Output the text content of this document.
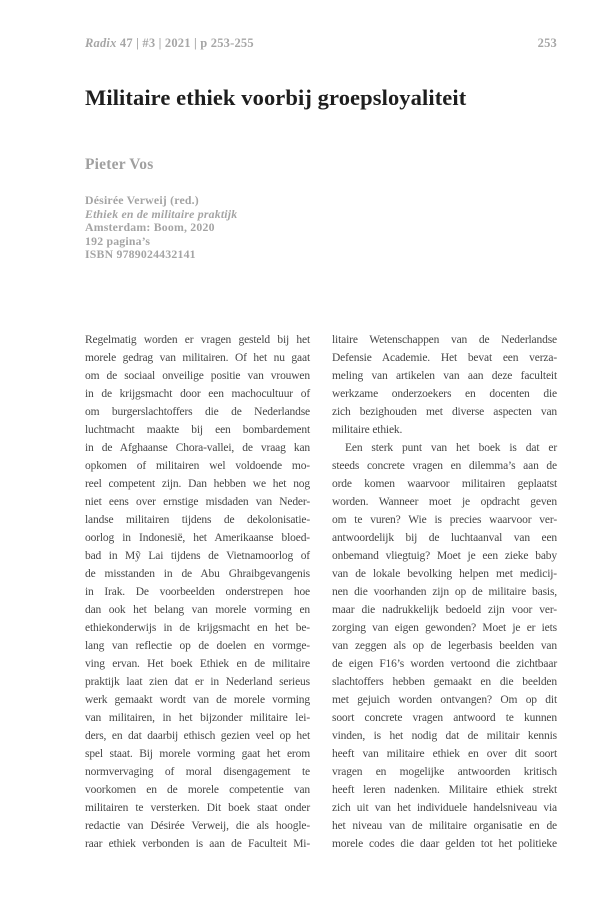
Radix 47 | #3 | 2021 | p 253-255	253
Militaire ethiek voorbij groepsloyaliteit
Pieter Vos
Désirée Verweij (red.)
Ethiek en de militaire praktijk
Amsterdam: Boom, 2020
192 pagina’s
ISBN 9789024432141
Regelmatig worden er vragen gesteld bij het
morele gedrag van militairen. Of het nu gaat
om de sociaal onveilige positie van vrouwen
in de krijgsmacht door een machocultuur of
om burgerslachtoffers die de Nederlandse
luchtmacht maakte bij een bombardement
in de Afghaanse Chora-vallei, de vraag kan
opkomen of militairen wel voldoende mo-
reel competent zijn. Dan hebben we het nog
niet eens over ernstige misdaden van Neder-
landse militairen tijdens de dekolonisatie-
oorlog in Indonesië, het Amerikaanse bloed-
bad in Mỹ Lai tijdens de Vietnamoorlog of
de misstanden in de Abu Ghraibgevangenis
in Irak. De voorbeelden onderstrepen hoe
dan ook het belang van morele vorming en
ethiekonderwijs in de krijgsmacht en het be-
lang van reflectie op de doelen en vormge-
ving ervan. Het boek Ethiek en de militaire
praktijk laat zien dat er in Nederland serieus
werk gemaakt wordt van de morele vorming
van militairen, in het bijzonder militaire lei-
ders, en dat daarbij ethisch gezien veel op het
spel staat. Bij morele vorming gaat het erom
normvervaging of moral disengagement te
voorkomen en de morele competentie van
militairen te versterken. Dit boek staat onder
redactie van Désirée Verweij, die als hoogle-
raar ethiek verbonden is aan de Faculteit Mi-
litaire Wetenschappen van de Nederlandse
Defensie Academie. Het bevat een verza-
meling van artikelen van aan deze faculteit
werkzame onderzoekers en docenten die
zich bezighouden met diverse aspecten van
militaire ethiek.
Een sterk punt van het boek is dat er
steeds concrete vragen en dilemma’s aan de
orde komen waarvoor militairen geplaatst
worden. Wanneer moet je opdracht geven
om te vuren? Wie is precies waarvoor ver-
antwoordelijk bij de luchtaanval van een
onbemand vliegtuig? Moet je een zieke baby
van de lokale bevolking helpen met medicij-
nen die voorhanden zijn op de militaire basis,
maar die nadrukkelijk bedoeld zijn voor ver-
zorging van eigen gewonden? Moet je er iets
van zeggen als op de legerbasis beelden van
de eigen F16’s worden vertoond die zichtbaar
slachtoffers hebben gemaakt en die beelden
met gejuich worden ontvangen? Om op dit
soort concrete vragen antwoord te kunnen
vinden, is het nodig dat de militair kennis
heeft van militaire ethiek en over dit soort
vragen en mogelijke antwoorden kritisch
heeft leren nadenken. Militaire ethiek strekt
zich uit van het individuele handelsniveau via
het niveau van de militaire organisatie en de
morele codes die daar gelden tot het politieke
